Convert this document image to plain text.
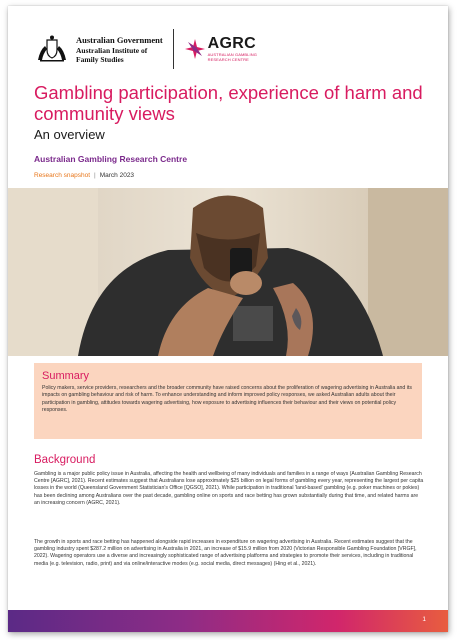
Australian Government
Australian Institute of
Family Studies
AGRC
AUSTRALIAN GAMBLING
RESEARCH CENTRE
Gambling participation, experience of harm and community views
An overview
Australian Gambling Research Centre
Research snapshot | March 2023
Summary
Policy makers, service providers, researchers and the broader community have raised concerns about the proliferation of wagering advertising in Australia and its impacts on gambling behaviour and risk of harm. To enhance understanding and inform improved policy responses, we asked Australian adults about their participation in gambling, attitudes towards wagering advertising, how exposure to advertising influences their behaviour and their views on potential policy responses.
Background
Gambling is a major public policy issue in Australia, affecting the health and wellbeing of many individuals and families in a range of ways (Australian Gambling Research Centre [AGRC], 2021). Recent estimates suggest that Australians lose approximately $25 billion on legal forms of gambling every year, representing the largest per capita losses in the world (Queensland Government Statistician's Office [QGSO], 2021). While participation in traditional 'land-based' gambling (e.g. poker machines or pokies) has been declining among Australians over the past decade, gambling online on sports and race betting has grown substantially during that time, and related harms are an increasing concern (AGRC, 2021).
The growth in sports and race betting has happened alongside rapid increases in expenditure on wagering advertising in Australia. Recent estimates suggest that the gambling industry spent $287.2 million on advertising in Australia in 2021, an increase of $15.9 million from 2020 (Victorian Responsible Gambling Foundation [VRGF], 2022). Wagering operators use a diverse and increasingly sophisticated range of advertising platforms and strategies to promote their services, including in traditional media (e.g. television, radio, print) and via online/interactive modes (e.g. social media, direct messages) (Hing et al., 2021).
1
